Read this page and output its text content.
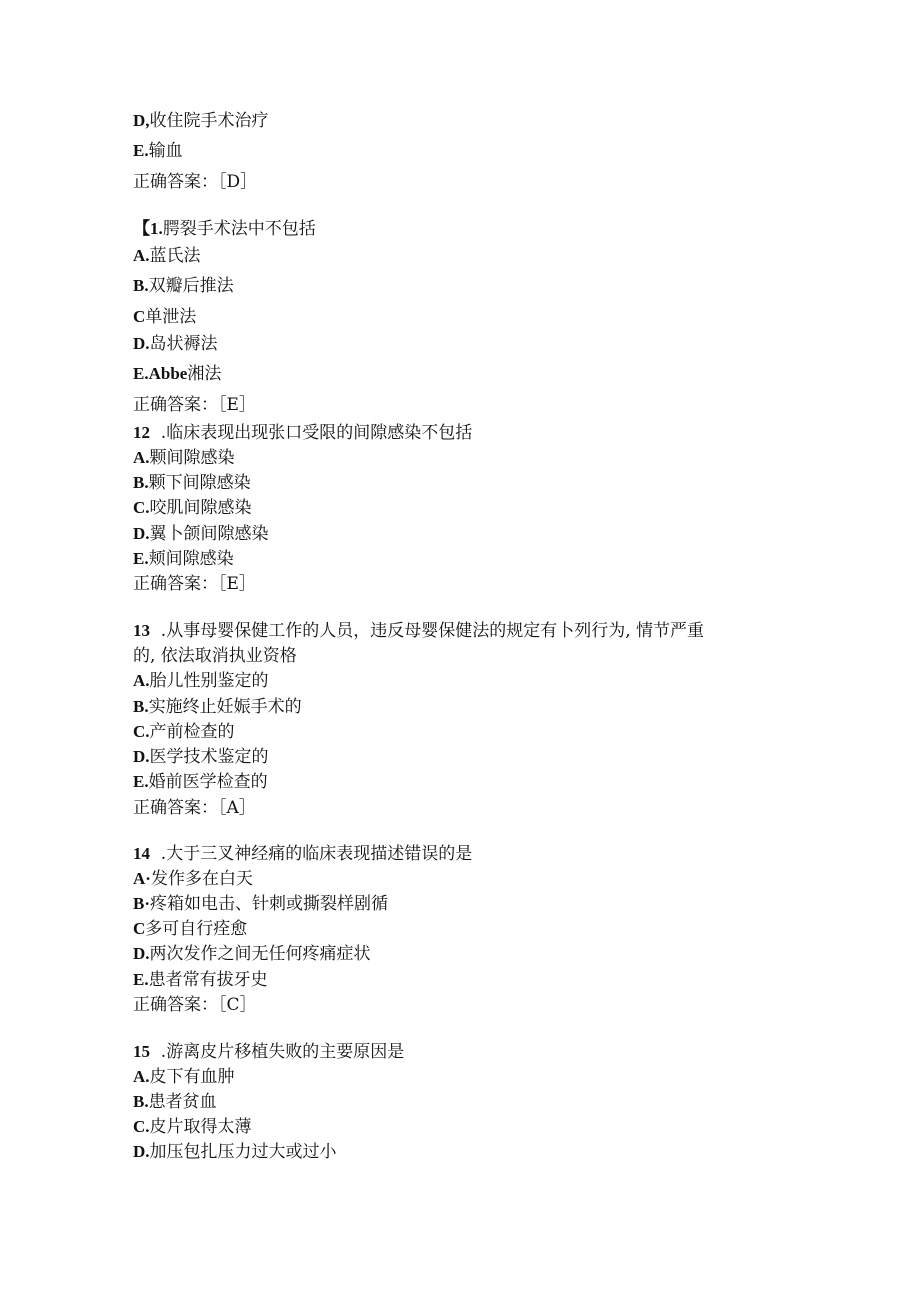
D,收住院手术治疗
E.输血
正确答案：［D］
【1.腭裂手术法中不包括
A.蓝氏法
B.双瓣后推法
C单泄法
D.岛状褥法
E.Abbe湘法
正确答案：［E］
12  .临床表现出现张口受限的间隙感染不包括
A.颗间隙感染
B.颗下间隙感染
C.咬肌间隙感染
D.翼卜颌间隙感染
E.颊间隙感染
正确答案：［E］
13  .从事母婴保健工作的人员，违反母婴保健法的规定有卜列行为, 情节严重
的, 依法取消执业资格
A.胎儿性别鉴定的
B.实施终止妊娠手术的
C.产前检查的
D.医学技术鉴定的
E.婚前医学检查的
正确答案：［A］
14  .大于三叉神经痛的临床表现描述错误的是
A·发作多在白天
B·疼箱如电击、针刺或撕裂样剧循
C多可自行痊愈
D.两次发作之间无任何疼痛症状
E.患者常有拔牙史
正确答案：［C］
15  .游离皮片移植失败的主要原因是
A.皮下有血肿
B.患者贫血
C.皮片取得太薄
D.加压包扎压力过大或过小
